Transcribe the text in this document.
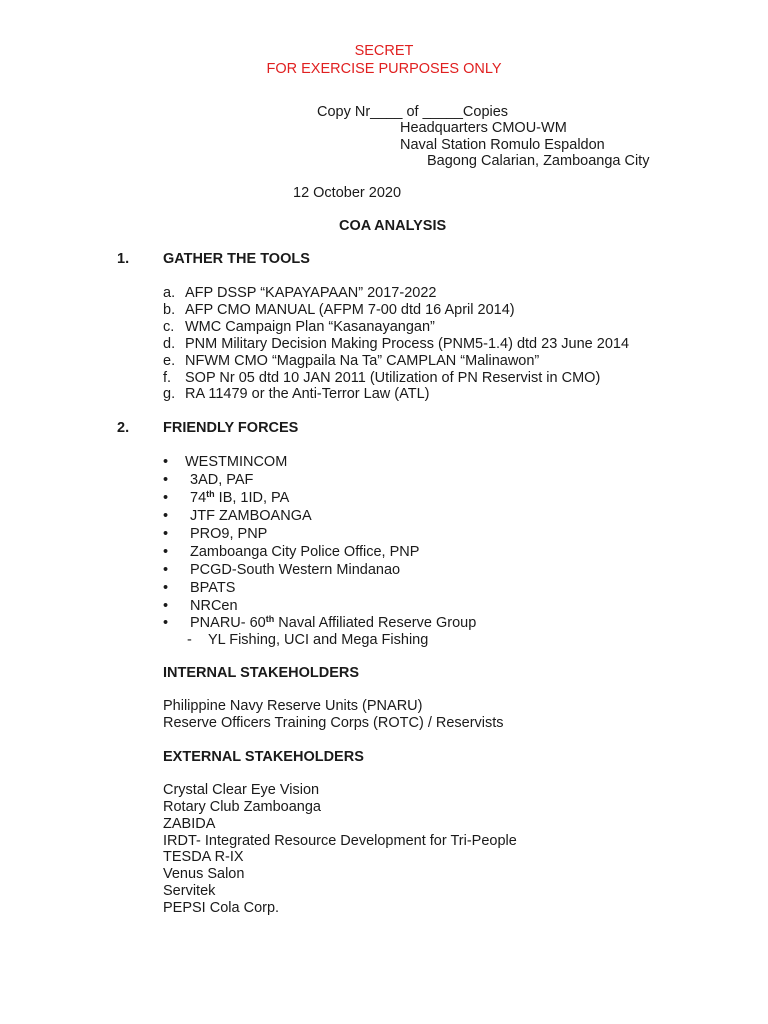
SECRET
FOR EXERCISE PURPOSES ONLY
Copy Nr____ of _____Copies
Headquarters CMOU-WM
Naval Station Romulo Espaldon
Bagong Calarian, Zamboanga City
12 October 2020
COA ANALYSIS
1. GATHER THE TOOLS
a. AFP DSSP “KAPAYAPAAN” 2017-2022
b. AFP CMO MANUAL (AFPM 7-00 dtd 16 April 2014)
c. WMC Campaign Plan “Kasanayangan”
d. PNM Military Decision Making Process (PNM5-1.4) dtd 23 June 2014
e. NFWM CMO “Magpaila Na Ta” CAMPLAN “Malinawon”
f. SOP Nr 05 dtd 10 JAN 2011 (Utilization of PN Reservist in CMO)
g. RA 11479 or the Anti-Terror Law (ATL)
2. FRIENDLY FORCES
• WESTMINCOM
• 3AD, PAF
• 74th IB, 1ID, PA
• JTF ZAMBOANGA
• PRO9, PNP
• Zamboanga City Police Office, PNP
• PCGD-South Western Mindanao
• BPATS
• NRCen
• PNARU- 60th Naval Affiliated Reserve Group
- YL Fishing, UCI and Mega Fishing
INTERNAL STAKEHOLDERS
Philippine Navy Reserve Units (PNARU)
Reserve Officers Training Corps (ROTC) / Reservists
EXTERNAL STAKEHOLDERS
Crystal Clear Eye Vision
Rotary Club Zamboanga
ZABIDA
IRDT- Integrated Resource Development for Tri-People
TESDA R-IX
Venus Salon
Servitek
PEPSI Cola Corp.
